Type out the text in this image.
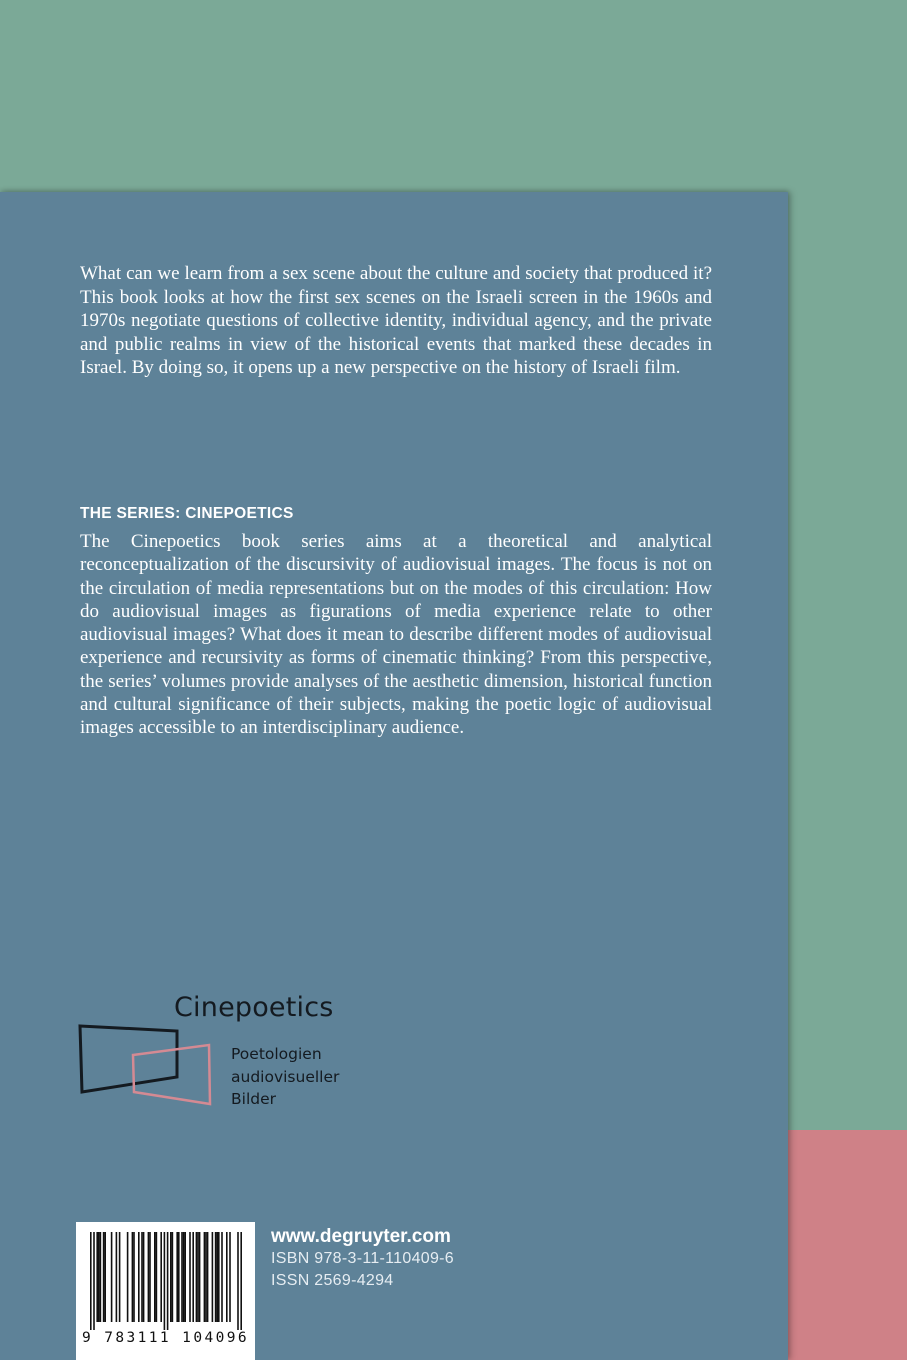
What can we learn from a sex scene about the culture and society that produced it? This book looks at how the first sex scenes on the Israeli screen in the 1960s and 1970s negotiate questions of collective identity, individual agency, and the private and public realms in view of the historical events that marked these decades in Israel. By doing so, it opens up a new perspective on the history of Israeli film.

THE SERIES: CINEPOETICS

The Cinepoetics book series aims at a theoretical and analytical reconceptualization of the discursivity of audiovisual images. The focus is not on the circulation of media representations but on the modes of this circulation: How do audiovisual images as figurations of media experience relate to other audiovisual images? What does it mean to describe different modes of audiovisual experience and recursivity as forms of cinematic thinking? From this perspective, the series’ volumes provide analyses of the aesthetic dimension, historical function and cultural significance of their subjects, making the poetic logic of audiovisual images accessible to an interdisciplinary audience.

Cinepoetics
Poetologien
audiovisueller
Bilder
9 783111 104096
www.degruyter.com
ISBN 978-3-11-110409-6
ISSN 2569-4294
